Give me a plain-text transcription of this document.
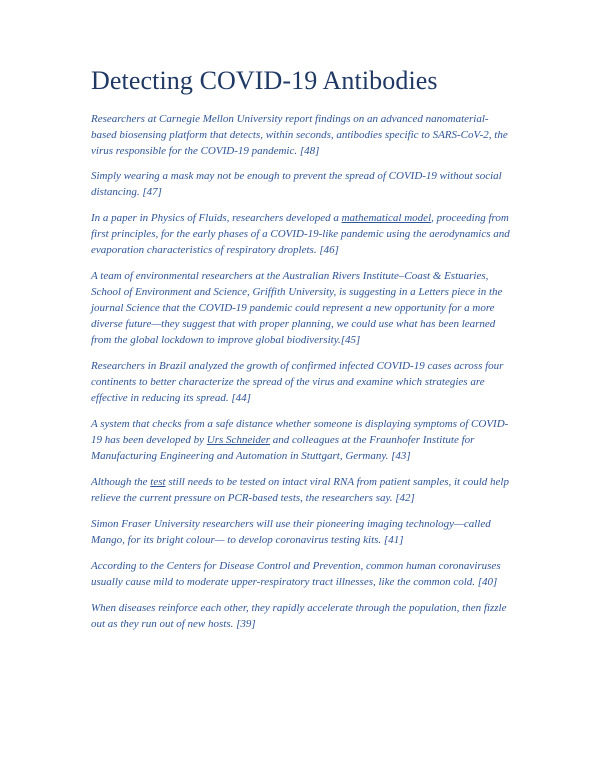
Detecting COVID-19 Antibodies

Researchers at Carnegie Mellon University report findings on an advanced nanomaterial-based biosensing platform that detects, within seconds, antibodies specific to SARS-CoV-2, the virus responsible for the COVID-19 pandemic. [48]

Simply wearing a mask may not be enough to prevent the spread of COVID-19 without social distancing. [47]

In a paper in Physics of Fluids, researchers developed a mathematical model, proceeding from first principles, for the early phases of a COVID-19-like pandemic using the aerodynamics and evaporation characteristics of respiratory droplets. [46]

A team of environmental researchers at the Australian Rivers Institute–Coast & Estuaries, School of Environment and Science, Griffith University, is suggesting in a Letters piece in the journal Science that the COVID-19 pandemic could represent a new opportunity for a more diverse future—they suggest that with proper planning, we could use what has been learned from the global lockdown to improve global biodiversity.[45]

Researchers in Brazil analyzed the growth of confirmed infected COVID-19 cases across four continents to better characterize the spread of the virus and examine which strategies are effective in reducing its spread. [44]

A system that checks from a safe distance whether someone is displaying symptoms of COVID-19 has been developed by Urs Schneider and colleagues at the Fraunhofer Institute for Manufacturing Engineering and Automation in Stuttgart, Germany. [43]

Although the test still needs to be tested on intact viral RNA from patient samples, it could help relieve the current pressure on PCR-based tests, the researchers say. [42]

Simon Fraser University researchers will use their pioneering imaging technology—called Mango, for its bright colour— to develop coronavirus testing kits. [41]

According to the Centers for Disease Control and Prevention, common human coronaviruses usually cause mild to moderate upper-respiratory tract illnesses, like the common cold. [40]

When diseases reinforce each other, they rapidly accelerate through the population, then fizzle out as they run out of new hosts. [39]
